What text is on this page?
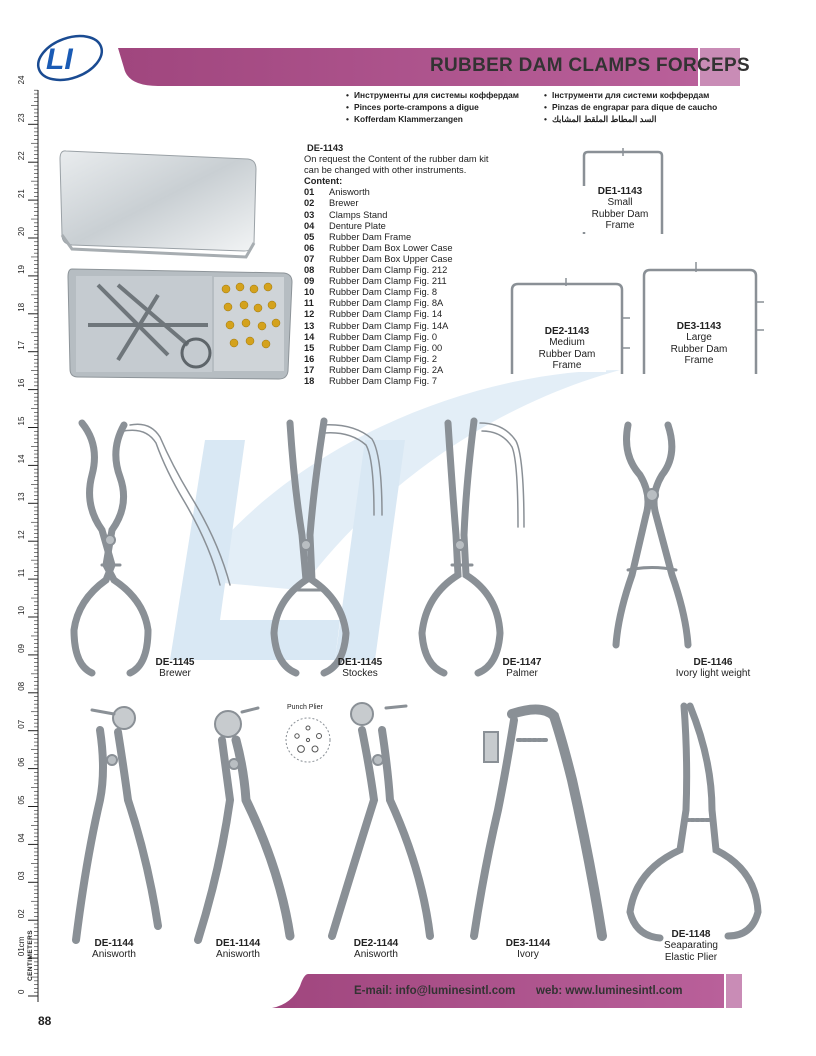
LI	RUBBER DAM CLAMPS FORCEPS
• Инструменты для системы коффердам
• Pinces porte-crampons a digue
• Kofferdam Klammerzangen
• Інструменти для системи коффердам
• Pinzas de engrapar para dique de caucho
• السد المطاط الملقط المشابك
0
01cm
02
03
04
05
06
07
08
09
10
11
12
13
14
15
16
17
18
19
20
21
22
23
24
CENTIMETERS
DE-1143
On request the Content of the rubber dam kit
can be changed with other instruments.
Content:
01 Anisworth
02 Brewer
03 Clamps Stand
04 Denture Plate
05 Rubber Dam Frame
06 Rubber Dam Box Lower Case
07 Rubber Dam Box Upper Case
08 Rubber Dam Clamp Fig. 212
09 Rubber Dam Clamp Fig. 211
10 Rubber Dam Clamp Fig. 8
11 Rubber Dam Clamp Fig. 8A
12 Rubber Dam Clamp Fig. 14
13 Rubber Dam Clamp Fig. 14A
14 Rubber Dam Clamp Fig. 0
15 Rubber Dam Clamp Fig. 00
16 Rubber Dam Clamp Fig. 2
17 Rubber Dam Clamp Fig. 2A
18 Rubber Dam Clamp Fig. 7
DE1-1143
Small
Rubber Dam
Frame
DE2-1143
Medium
Rubber Dam
Frame
DE3-1143
Large
Rubber Dam
Frame
DE-1145
Brewer
DE1-1145
Stockes
DE-1147
Palmer
DE-1146
Ivory light weight
Punch Plier
DE-1144
Anisworth
DE1-1144
Anisworth
DE2-1144
Anisworth
DE3-1144
Ivory
DE-1148
Seaparating
Elastic Plier
E-mail: info@luminesintl.com web: www.luminesintl.com
88
